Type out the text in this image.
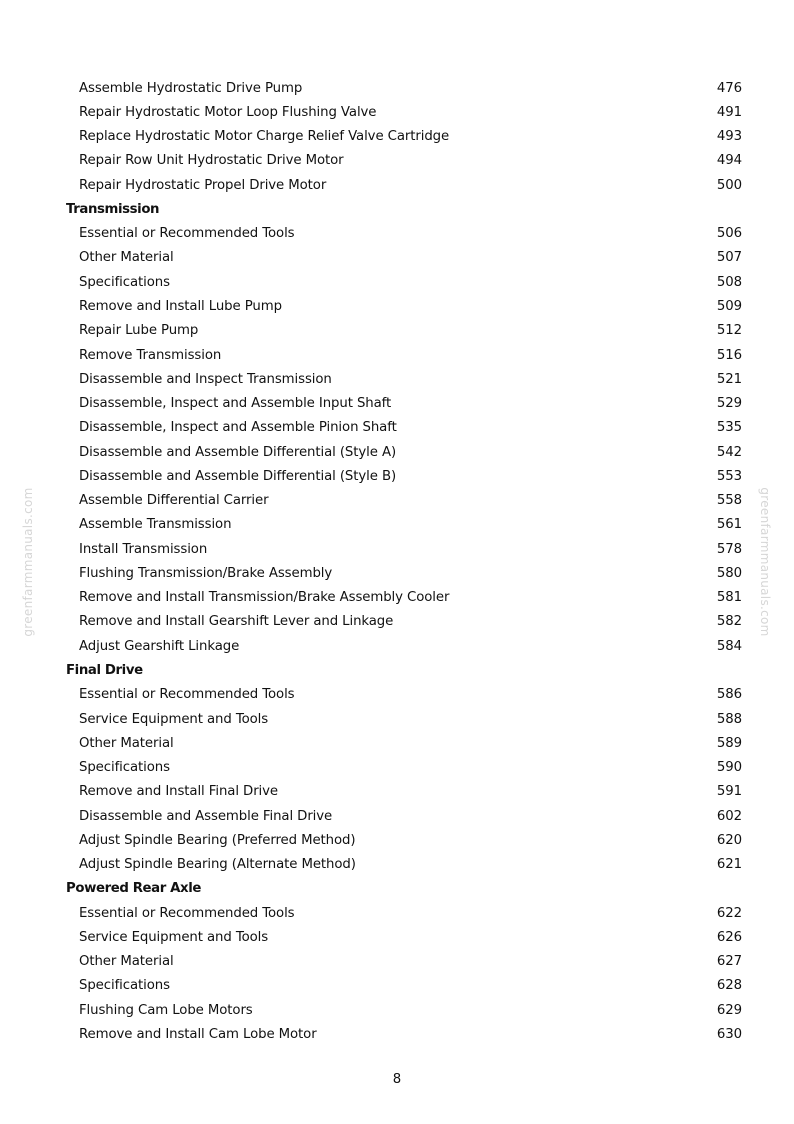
Assemble Hydrostatic Drive Pump	476
Repair Hydrostatic Motor Loop Flushing Valve	491
Replace Hydrostatic Motor Charge Relief Valve Cartridge	493
Repair Row Unit Hydrostatic Drive Motor	494
Repair Hydrostatic Propel Drive Motor	500
Transmission
Essential or Recommended Tools	506
Other Material	507
Specifications	508
Remove and Install Lube Pump	509
Repair Lube Pump	512
Remove Transmission	516
Disassemble and Inspect Transmission	521
Disassemble, Inspect and Assemble Input Shaft	529
Disassemble, Inspect and Assemble Pinion Shaft	535
Disassemble and Assemble Differential (Style A)	542
Disassemble and Assemble Differential (Style B)	553
Assemble Differential Carrier	558
Assemble Transmission	561
Install Transmission	578
Flushing Transmission/Brake Assembly	580
Remove and Install Transmission/Brake Assembly Cooler	581
Remove and Install Gearshift Lever and Linkage	582
Adjust Gearshift Linkage	584
Final Drive
Essential or Recommended Tools	586
Service Equipment and Tools	588
Other Material	589
Specifications	590
Remove and Install Final Drive	591
Disassemble and Assemble Final Drive	602
Adjust Spindle Bearing (Preferred Method)	620
Adjust Spindle Bearing (Alternate Method)	621
Powered Rear Axle
Essential or Recommended Tools	622
Service Equipment and Tools	626
Other Material	627
Specifications	628
Flushing Cam Lobe Motors	629
Remove and Install Cam Lobe Motor	630
8
greenfarmmanuals.com	greenfarmmanuals.com
